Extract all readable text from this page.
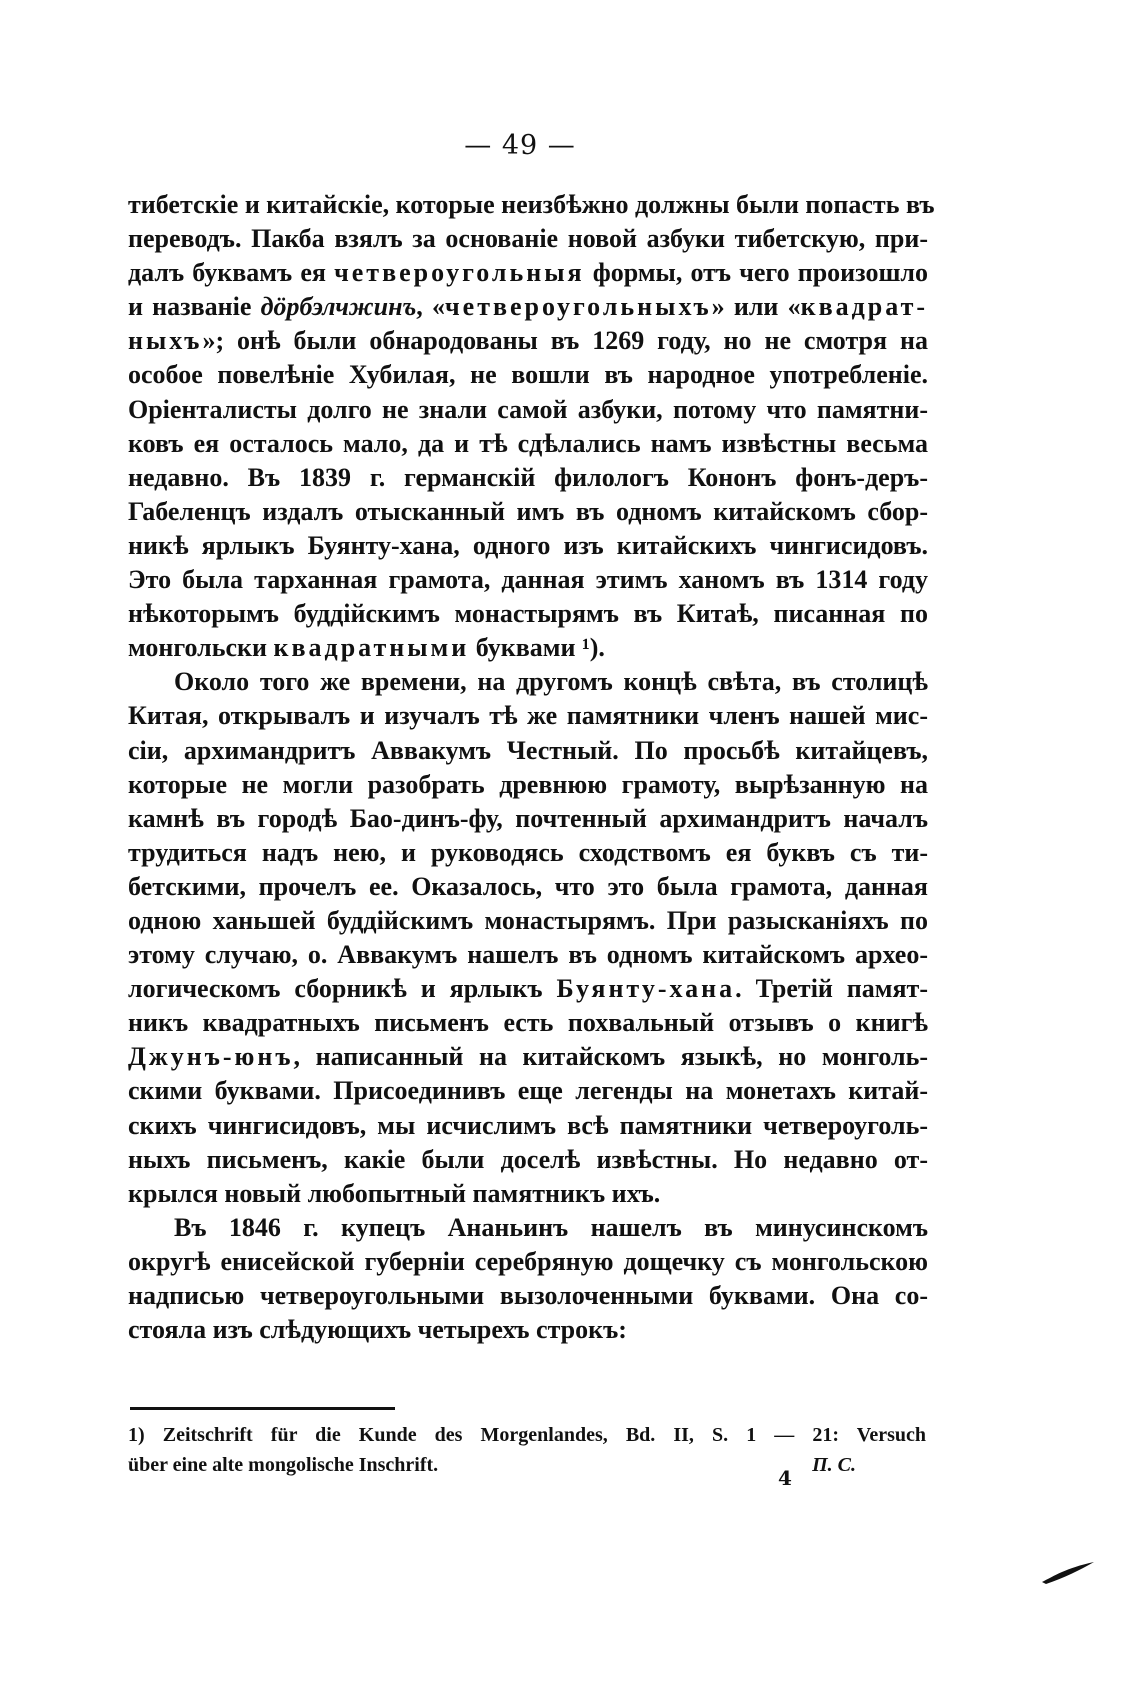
— 49 —
тибетскіе и китайскіе, которые неизбѣжно должны были попасть въ
переводъ. Пакба взялъ за основаніе новой азбуки тибетскую, при-
далъ буквамъ ея четвероугольныя формы, отъ чего произошло
и названіе дӧрбэлчжинъ, «четвероугольныхъ» или «квадрат-
ныхъ»; онѣ были обнародованы въ 1269 году, но не смотря на
особое повелѣніе Хубилая, не вошли въ народное употребленіе.
Оріенталисты долго не знали самой азбуки, потому что памятни-
ковъ ея осталось мало, да и тѣ сдѣлались намъ извѣстны весьма
недавно. Въ 1839 г. германскій филологъ Кононъ фонъ-деръ-
Габеленцъ издалъ отысканный имъ въ одномъ китайскомъ сбор-
никѣ ярлыкъ Буянту-хана, одного изъ китайскихъ чингисидовъ.
Это была тарханная грамота, данная этимъ ханомъ въ 1314 году
нѣкоторымъ буддійскимъ монастырямъ въ Китаѣ, писанная по
монгольски квадратными буквами ¹).
Около того же времени, на другомъ концѣ свѣта, въ столицѣ
Китая, открывалъ и изучалъ тѣ же памятники членъ нашей мис-
сіи, архимандритъ Аввакумъ Честный. По просьбѣ китайцевъ,
которые не могли разобрать древнюю грамоту, вырѣзанную на
камнѣ въ городѣ Бао-динъ-фу, почтенный архимандритъ началъ
трудиться надъ нею, и руководясь сходствомъ ея буквъ съ ти-
бетскими, прочелъ ее. Оказалось, что это была грамота, данная
одною ханьшей буддійскимъ монастырямъ. При разысканіяхъ по
этому случаю, о. Аввакумъ нашелъ въ одномъ китайскомъ архео-
логическомъ сборникѣ и ярлыкъ Буянту-хана. Третій памят-
никъ квадратныхъ письменъ есть похвальный отзывъ о книгѣ
Джунъ-юнъ, написанный на китайскомъ языкѣ, но монголь-
скими буквами. Присоединивъ еще легенды на монетахъ китай-
скихъ чингисидовъ, мы исчислимъ всѣ памятники четвероуголь-
ныхъ письменъ, какіе были доселѣ извѣстны. Но недавно от-
крылся новый любопытный памятникъ ихъ.
Въ 1846 г. купецъ Ананьинъ нашелъ въ минусинскомъ
округѣ енисейской губерніи серебряную дощечку съ монгольскою
надписью четвероугольными вызолоченными буквами. Она со-
стояла изъ слѣдующихъ четырехъ строкъ:
1) Zeitschrift für die Kunde des Morgenlandes, Bd. II, S. 1 — 21: Versuch
über eine alte mongolische Inschrift.	П. С.
4
